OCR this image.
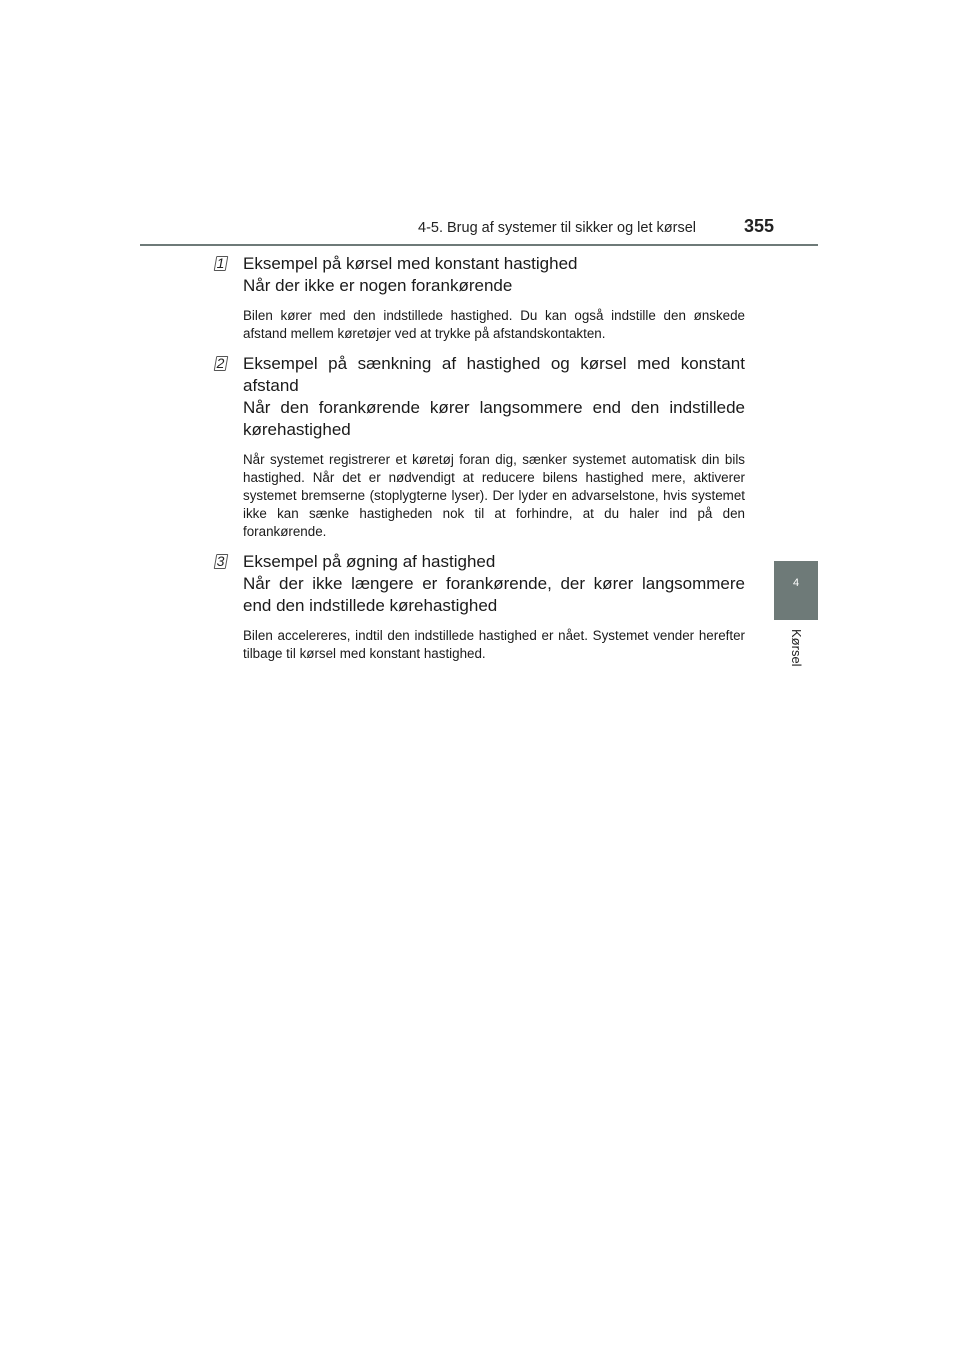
4-5. Brug af systemer til sikker og let kørsel	355
1 Eksempel på kørsel med konstant hastighed
Når der ikke er nogen forankørende
Bilen kører med den indstillede hastighed. Du kan også indstille den ønskede afstand mellem køretøjer ved at trykke på afstandskontakten.
2 Eksempel på sænkning af hastighed og kørsel med konstant afstand
Når den forankørende kører langsommere end den indstillede kørehastighed
Når systemet registrerer et køretøj foran dig, sænker systemet automatisk din bils hastighed. Når det er nødvendigt at reducere bilens hastighed mere, aktiverer systemet bremserne (stoplygterne lyser). Der lyder en advarselstone, hvis systemet ikke kan sænke hastigheden nok til at forhindre, at du haler ind på den forankørende.
3 Eksempel på øgning af hastighed
Når der ikke længere er forankørende, der kører langsommere end den indstillede kørehastighed
Bilen accelereres, indtil den indstillede hastighed er nået. Systemet vender herefter tilbage til kørsel med konstant hastighed.
4
Kørsel
